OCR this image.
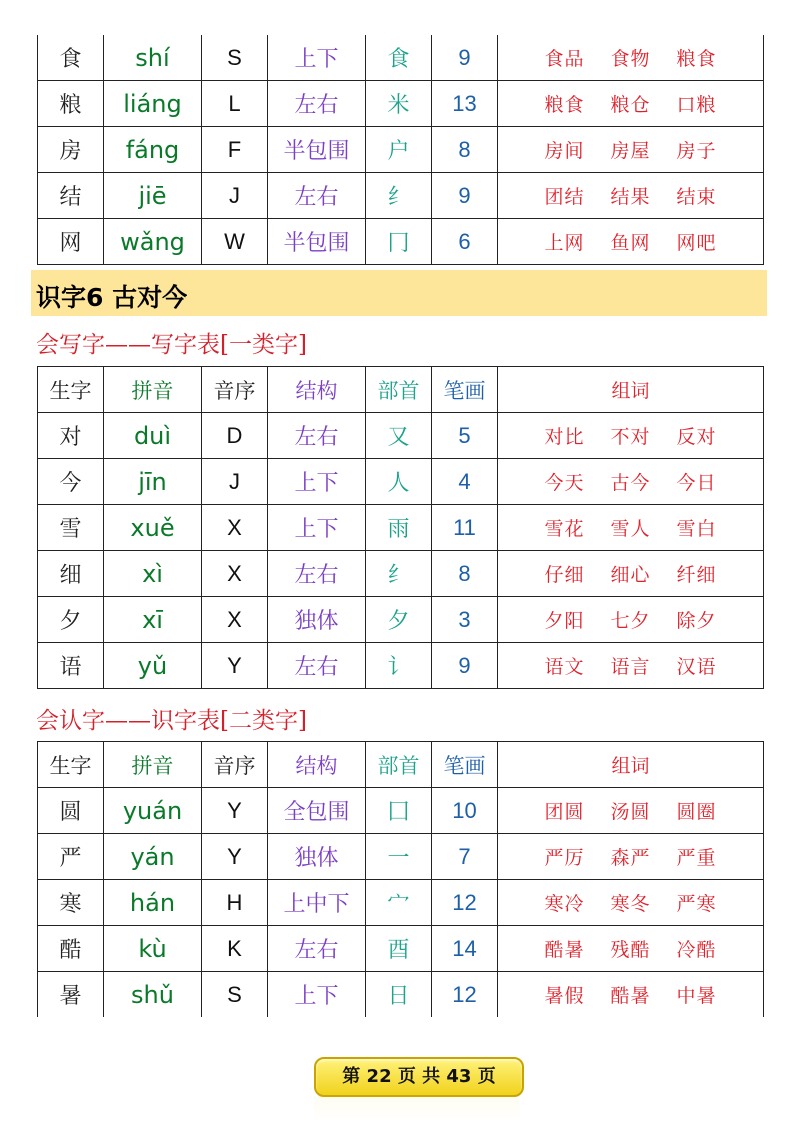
食	shí	S	上下	食	9	食品 食物 粮食
粮	liáng	L	左右	米	13	粮食 粮仓 口粮
房	fáng	F	半包围	户	8	房间 房屋 房子
结	jiē	J	左右	纟	9	团结 结果 结束
网	wǎng	W	半包围	冂	6	上网 鱼网 网吧
识字6 古对今
会写字——写字表[一类字]
生字	拼音	音序	结构	部首	笔画	组词
对	duì	D	左右	又	5	对比 不对 反对
今	jīn	J	上下	人	4	今天 古今 今日
雪	xuě	X	上下	雨	11	雪花 雪人 雪白
细	xì	X	左右	纟	8	仔细 细心 纤细
夕	xī	X	独体	夕	3	夕阳 七夕 除夕
语	yǔ	Y	左右	讠	9	语文 语言 汉语
会认字——识字表[二类字]
生字	拼音	音序	结构	部首	笔画	组词
圆	yuán	Y	全包围	囗	10	团圆 汤圆 圆圈
严	yán	Y	独体	一	7	严厉 森严 严重
寒	hán	H	上中下	宀	12	寒冷 寒冬 严寒
酷	kù	K	左右	酉	14	酷暑 残酷 冷酷
暑	shǔ	S	上下	日	12	暑假 酷暑 中暑
第 22 页 共 43 页
